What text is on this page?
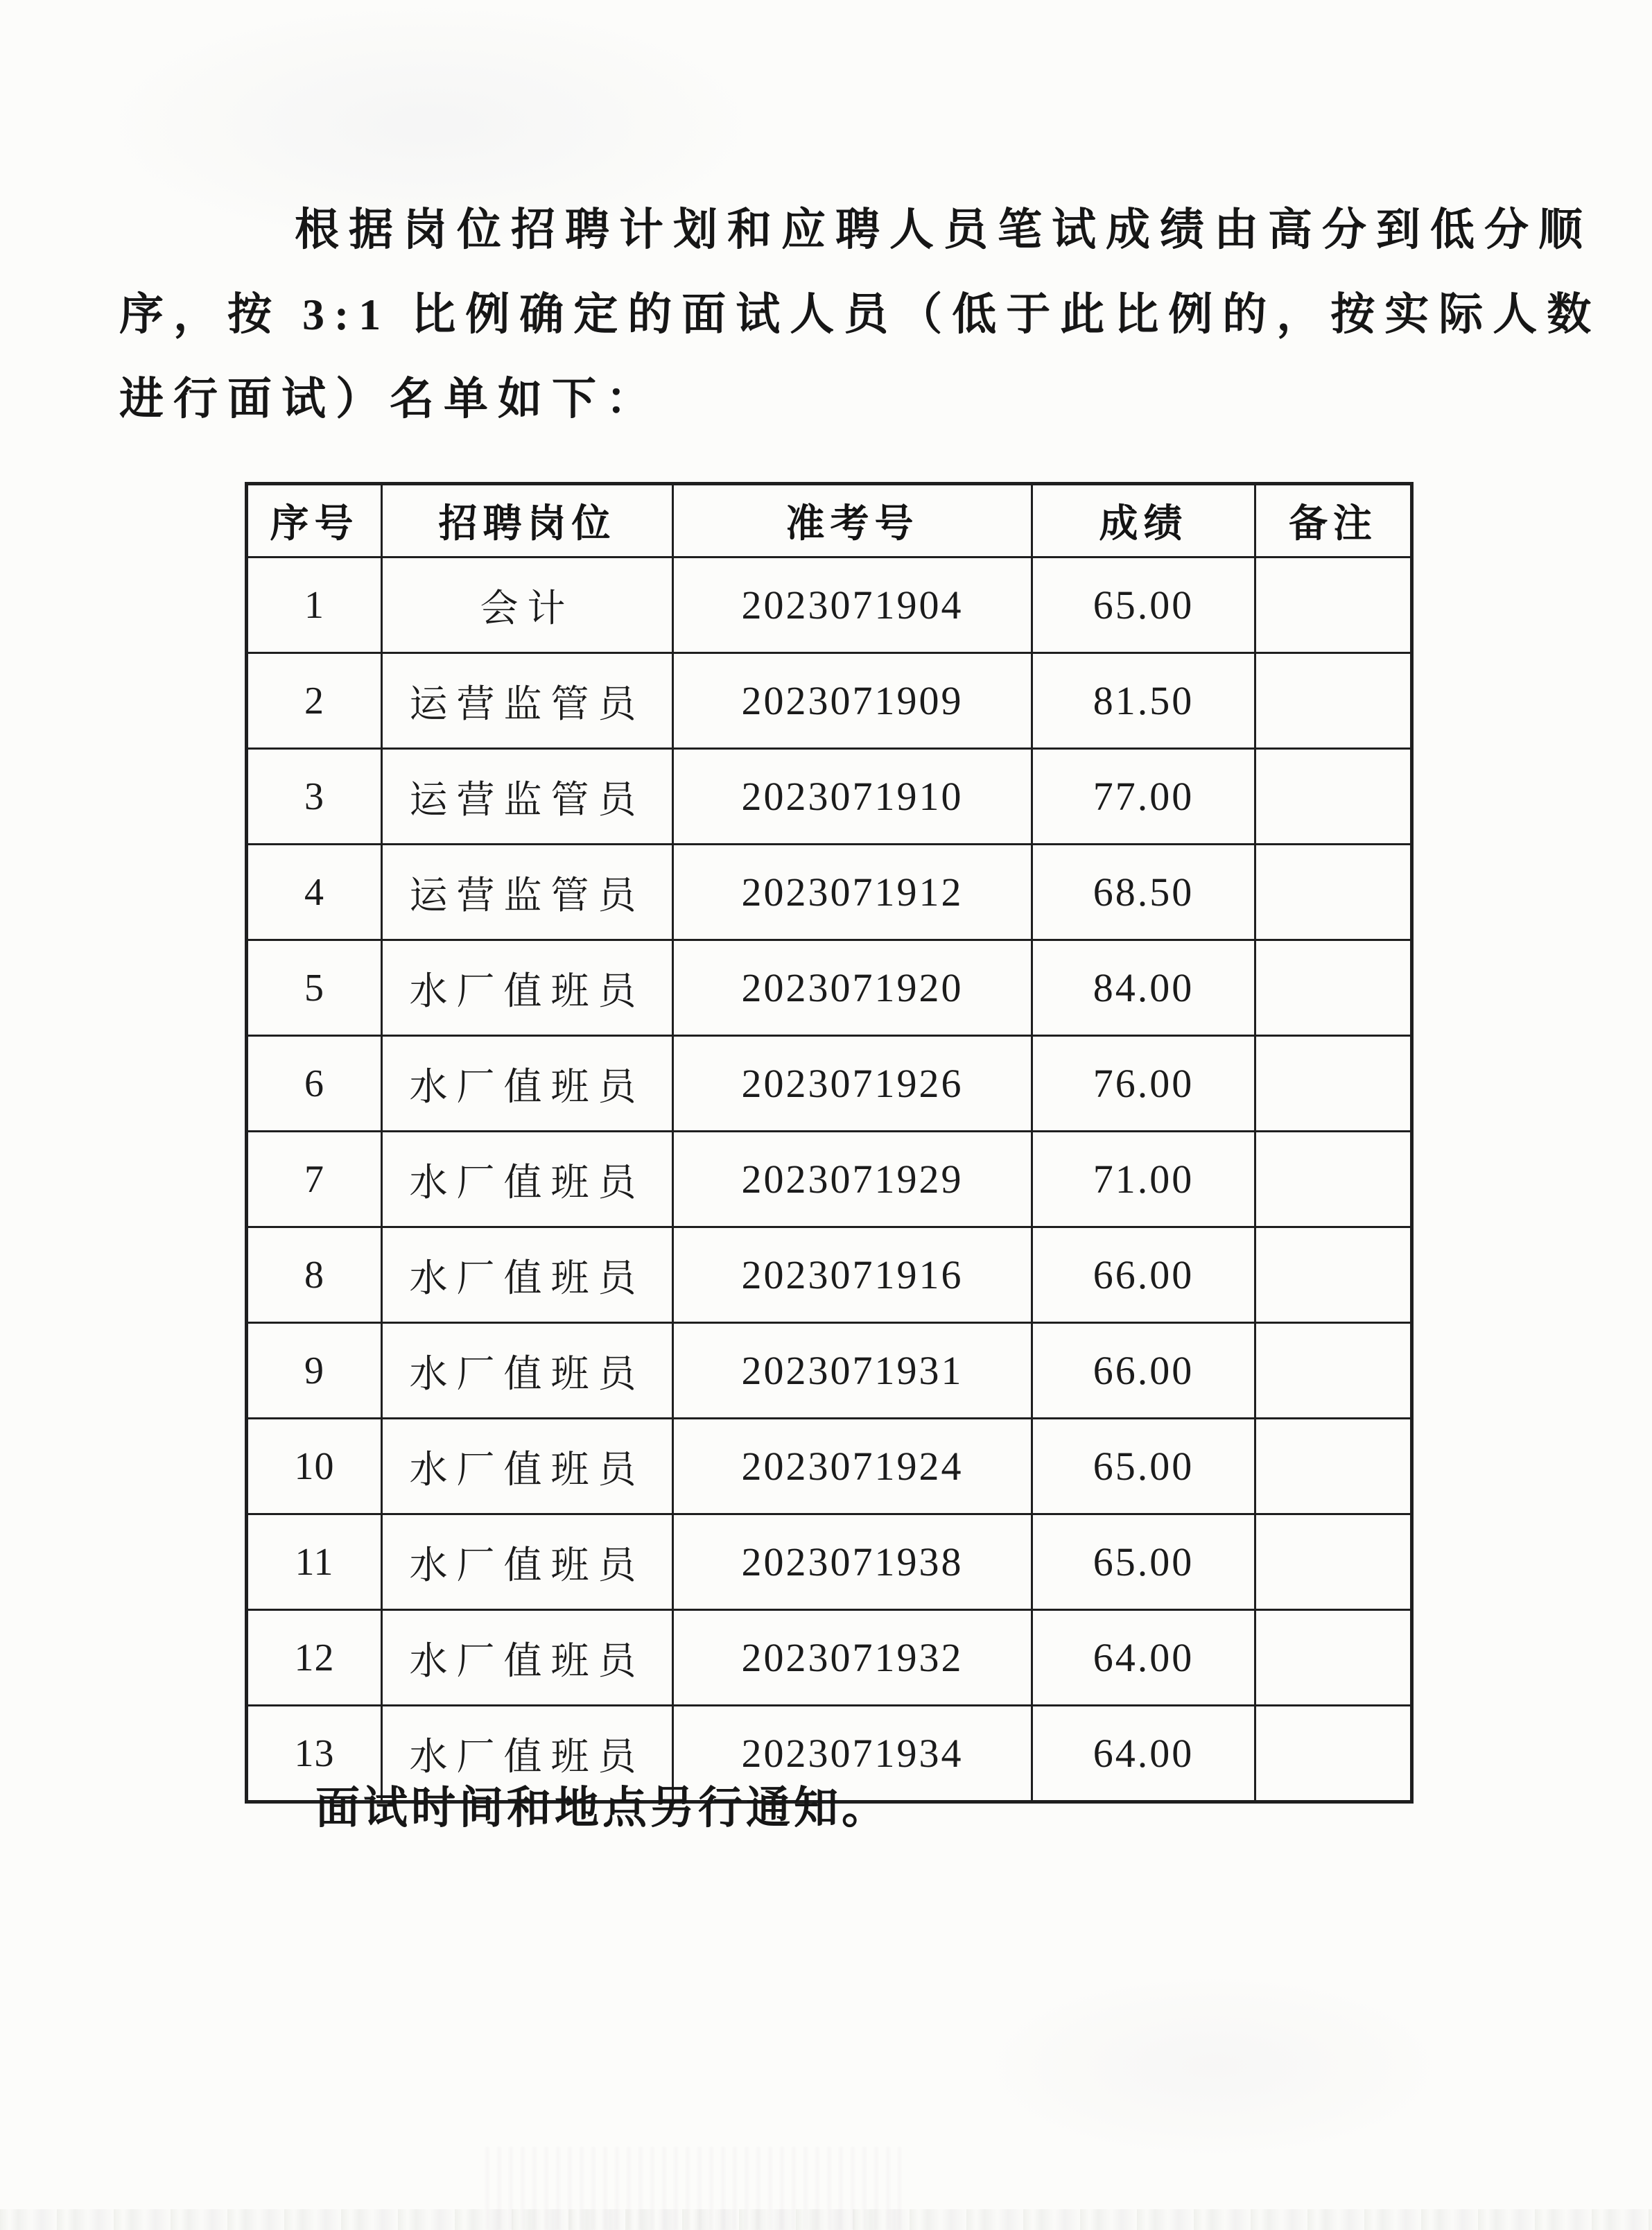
根据岗位招聘计划和应聘人员笔试成绩由高分到低分顺
序，按 3:1 比例确定的面试人员（低于此比例的，按实际人数
进行面试）名单如下：
序号	招聘岗位	准考号	成绩	备注
1	会计	2023071904	65.00	
2	运营监管员	2023071909	81.50	
3	运营监管员	2023071910	77.00	
4	运营监管员	2023071912	68.50	
5	水厂值班员	2023071920	84.00	
6	水厂值班员	2023071926	76.00	
7	水厂值班员	2023071929	71.00	
8	水厂值班员	2023071916	66.00	
9	水厂值班员	2023071931	66.00	
10	水厂值班员	2023071924	65.00	
11	水厂值班员	2023071938	65.00	
12	水厂值班员	2023071932	64.00	
13	水厂值班员	2023071934	64.00	
面试时间和地点另行通知。
